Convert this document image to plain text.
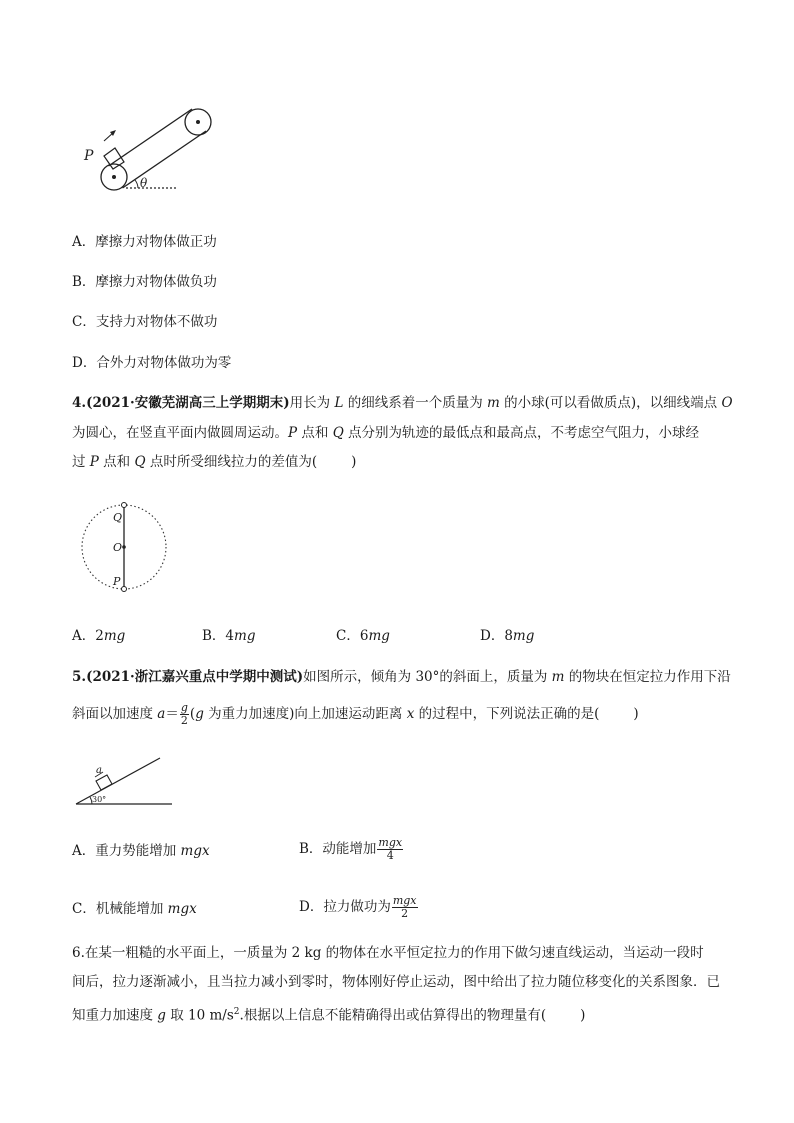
P
θ
A．摩擦力对物体做正功
B．摩擦力对物体做负功
C．支持力对物体不做功
D．合外力对物体做功为零
4.(2021·安徽芜湖高三上学期期末)用长为 L 的细线系着一个质量为 m 的小球(可以看做质点)，以细线端点 O
为圆心，在竖直平面内做圆周运动。P 点和 Q 点分别为轨迹的最低点和最高点，不考虑空气阻力，小球经
过 P 点和 Q 点时所受细线拉力的差值为(	)
Q
O
P
A．2mg	B．4mg	C．6mg	D．8mg
5.(2021·浙江嘉兴重点中学期中测试)如图所示，倾角为 30°的斜面上，质量为 m 的物块在恒定拉力作用下沿
斜面以加速度 $a= \frac{g}{2} (g$ 为重力加速度)向上加速运动距离 x 的过程中，下列说法正确的是(	)
a
30°
A．重力势能增加 mgx	B．动能增加 $\frac{\text{mgx}}{4}$
C．机械能增加 mgx	D．拉力做功为 $\frac{\text{mgx}}{2}$
6.在某一粗糙的水平面上，一质量为 2 kg 的物体在水平恒定拉力的作用下做匀速直线运动，当运动一段时
间后，拉力逐渐减小，且当拉力减小到零时，物体刚好停止运动，图中给出了拉力随位移变化的关系图象．已
知重力加速度 g 取 10 $m/s^2$.根据以上信息不能精确得出或估算得出的物理量有(	)
